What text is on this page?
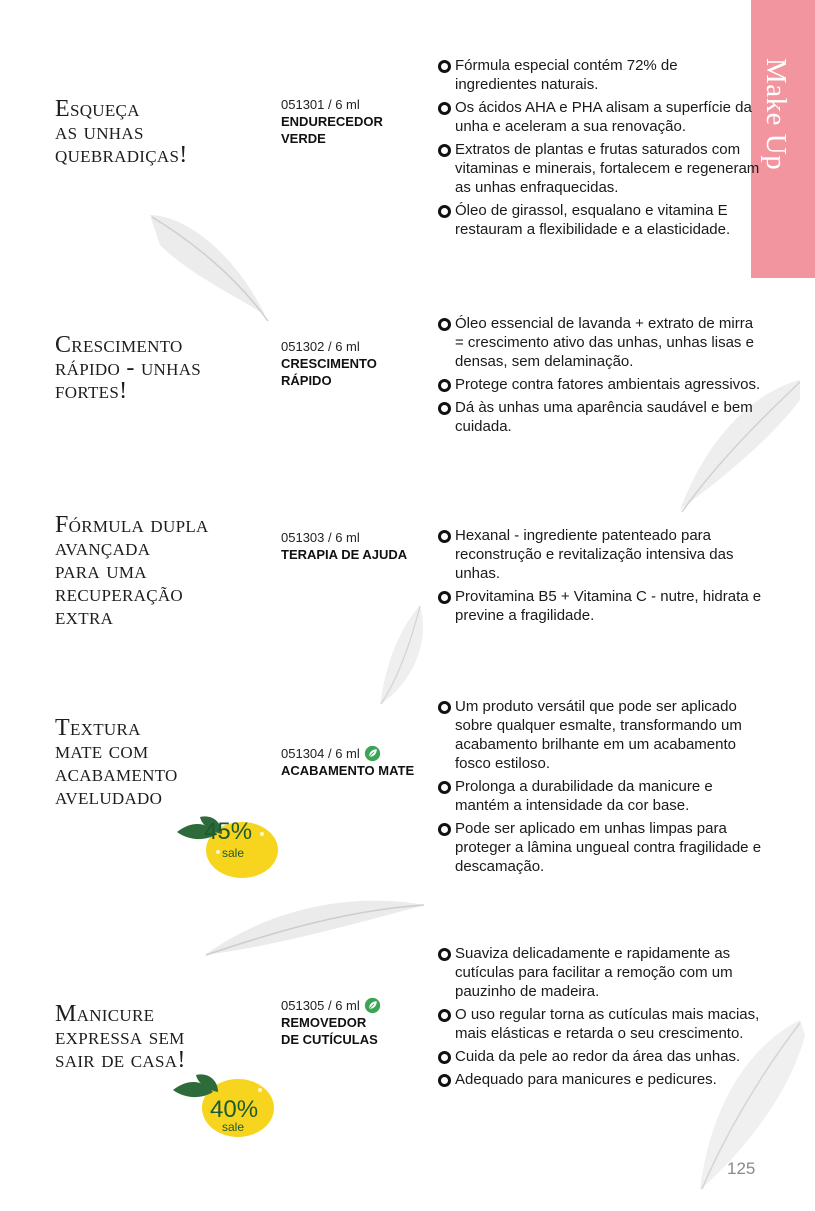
Make Up
Esqueça
as unhas
quebradiças!
051301 / 6 ml
ENDURECEDOR
VERDE
Fórmula especial contém 72% de ingredientes naturais.
Os ácidos AHA e PHA alisam a superfície da unha e aceleram a sua renovação.
Extratos de plantas e frutas saturados com vitaminas e minerais, fortalecem e regeneram as unhas enfraquecidas.
Óleo de girassol, esqualano e vitamina E restauram a flexibilidade e a elasticidade.
Crescimento
rápido - unhas
fortes!
051302 / 6 ml
CRESCIMENTO
RÁPIDO
Óleo essencial de lavanda + extrato de mirra = crescimento ativo das unhas, unhas lisas e densas, sem delaminação.
Protege contra fatores ambientais agressivos.
Dá às unhas uma aparência saudável e bem cuidada.
Fórmula dupla
avançada
para uma
recuperação
extra
051303 / 6 ml
TERAPIA DE AJUDA
Hexanal - ingrediente patenteado para reconstrução e revitalização intensiva das unhas.
Provitamina B5 + Vitamina C - nutre, hidrata e previne a fragilidade.
Textura
mate com
acabamento
aveludado
051304 / 6 ml
ACABAMENTO MATE
45%
sale
Um produto versátil que pode ser aplicado sobre qualquer esmalte, transformando um acabamento brilhante em um acabamento fosco estiloso.
Prolonga a durabilidade da manicure e mantém a intensidade da cor base.
Pode ser aplicado em unhas limpas para proteger a lâmina ungueal contra fragilidade e descamação.
Manicure
expressa sem
sair de casa!
051305 / 6 ml
REMOVEDOR
DE CUTÍCULAS
40%
sale
Suaviza delicadamente e rapidamente as cutículas para facilitar a remoção com um pauzinho de madeira.
O uso regular torna as cutículas mais macias, mais elásticas e retarda o seu crescimento.
Cuida da pele ao redor da área das unhas.
Adequado para manicures e pedicures.
125
